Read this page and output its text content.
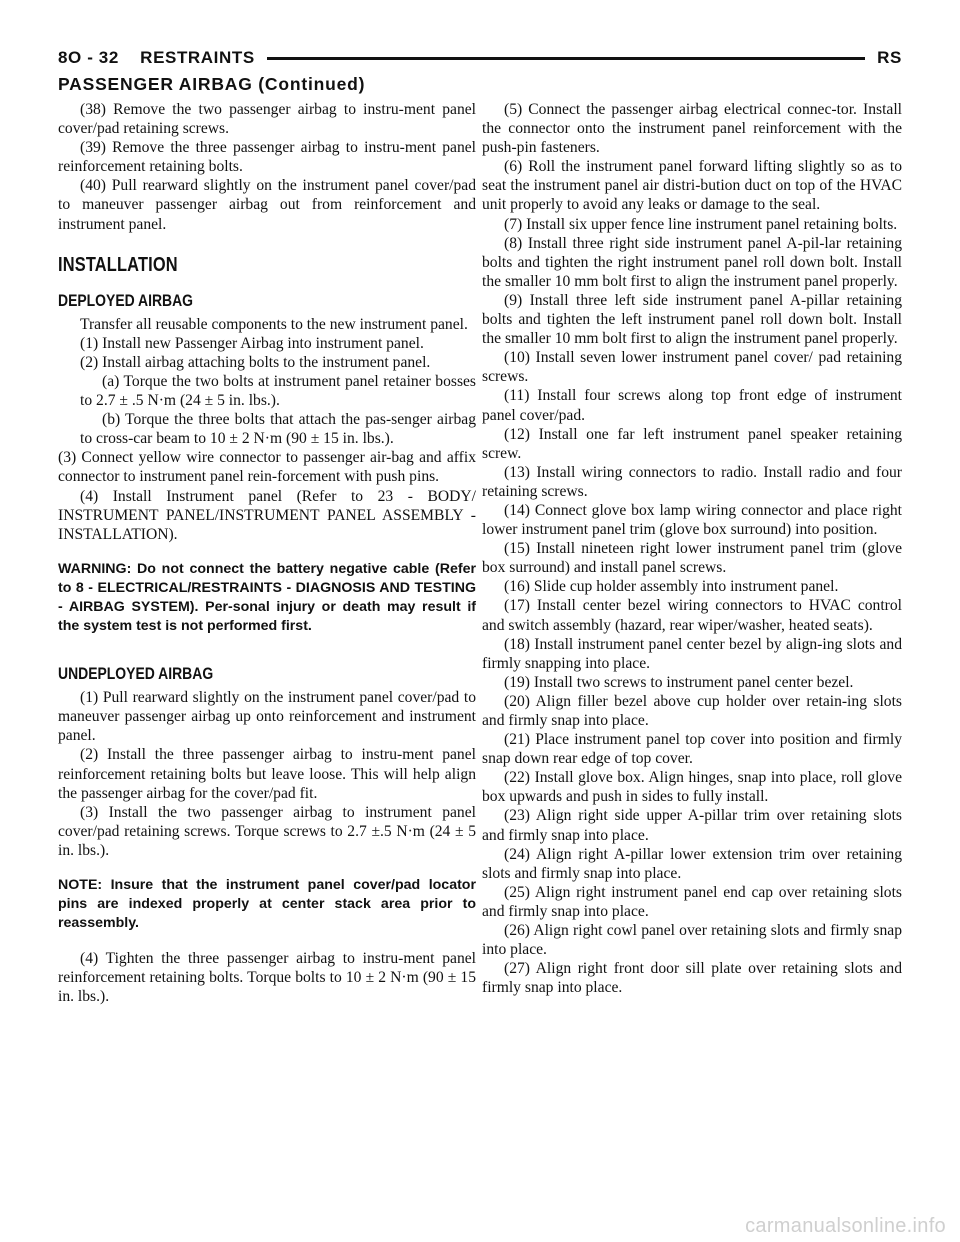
8O - 32    RESTRAINTS	RS
PASSENGER AIRBAG (Continued)

(38) Remove the two passenger airbag to instru-ment panel cover/pad retaining screws.

(39) Remove the three passenger airbag to instru-ment panel reinforcement retaining bolts.

(40) Pull rearward slightly on the instrument panel cover/pad to maneuver passenger airbag out from reinforcement and instrument panel.

INSTALLATION
DEPLOYED AIRBAG

Transfer all reusable components to the new instrument panel.

(1) Install new Passenger Airbag into instrument panel.

(2) Install airbag attaching bolts to the instrument panel.

(a) Torque the two bolts at instrument panel retainer bosses to 2.7 ± .5 N·m (24 ± 5 in. lbs.).

(b) Torque the three bolts that attach the pas-senger airbag to cross-car beam to 10 ± 2 N·m (90 ± 15 in. lbs.).

(3) Connect yellow wire connector to passenger air-bag and affix connector to instrument panel rein-forcement with push pins.

(4) Install Instrument panel (Refer to 23 - BODY/ INSTRUMENT PANEL/INSTRUMENT PANEL ASSEMBLY - INSTALLATION).

WARNING: Do not connect the battery negative cable (Refer to 8 - ELECTRICAL/RESTRAINTS - DIAGNOSIS AND TESTING - AIRBAG SYSTEM). Per-sonal injury or death may result if the system test is not performed first.
UNDEPLOYED AIRBAG

(1) Pull rearward slightly on the instrument panel cover/pad to maneuver passenger airbag up onto reinforcement and instrument panel.

(2) Install the three passenger airbag to instru-ment panel reinforcement retaining bolts but leave loose. This will help align the passenger airbag for the cover/pad fit.

(3) Install the two passenger airbag to instrument panel cover/pad retaining screws. Torque screws to 2.7 ±.5 N·m (24 ± 5 in. lbs.).

NOTE: Insure that the instrument panel cover/pad locator pins are indexed properly at center stack area prior to reassembly.

(4) Tighten the three passenger airbag to instru-ment panel reinforcement retaining bolts. Torque bolts to 10 ± 2 N·m (90 ± 15 in. lbs.).

(5) Connect the passenger airbag electrical connec-tor. Install the connector onto the instrument panel reinforcement with the push-pin fasteners.

(6) Roll the instrument panel forward lifting slightly so as to seat the instrument panel air distri-bution duct on top of the HVAC unit properly to avoid any leaks or damage to the seal.

(7) Install six upper fence line instrument panel retaining bolts.

(8) Install three right side instrument panel A-pil-lar retaining bolts and tighten the right instrument panel roll down bolt. Install the smaller 10 mm bolt first to align the instrument panel properly.

(9) Install three left side instrument panel A-pillar retaining bolts and tighten the left instrument panel roll down bolt. Install the smaller 10 mm bolt first to align the instrument panel properly.

(10) Install seven lower instrument panel cover/ pad retaining screws.

(11) Install four screws along top front edge of instrument panel cover/pad.

(12) Install one far left instrument panel speaker retaining screw.

(13) Install wiring connectors to radio. Install radio and four retaining screws.

(14) Connect glove box lamp wiring connector and place right lower instrument panel trim (glove box surround) into position.

(15) Install nineteen right lower instrument panel trim (glove box surround) and install panel screws.

(16) Slide cup holder assembly into instrument panel.

(17) Install center bezel wiring connectors to HVAC control and switch assembly (hazard, rear wiper/washer, heated seats).

(18) Install instrument panel center bezel by align-ing slots and firmly snapping into place.

(19) Install two screws to instrument panel center bezel.

(20) Align filler bezel above cup holder over retain-ing slots and firmly snap into place.

(21) Place instrument panel top cover into position and firmly snap down rear edge of top cover.

(22) Install glove box. Align hinges, snap into place, roll glove box upwards and push in sides to fully install.

(23) Align right side upper A-pillar trim over retaining slots and firmly snap into place.

(24) Align right A-pillar lower extension trim over retaining slots and firmly snap into place.

(25) Align right instrument panel end cap over retaining slots and firmly snap into place.

(26) Align right cowl panel over retaining slots and firmly snap into place.

(27) Align right front door sill plate over retaining slots and firmly snap into place.

carmanualsonline.info
